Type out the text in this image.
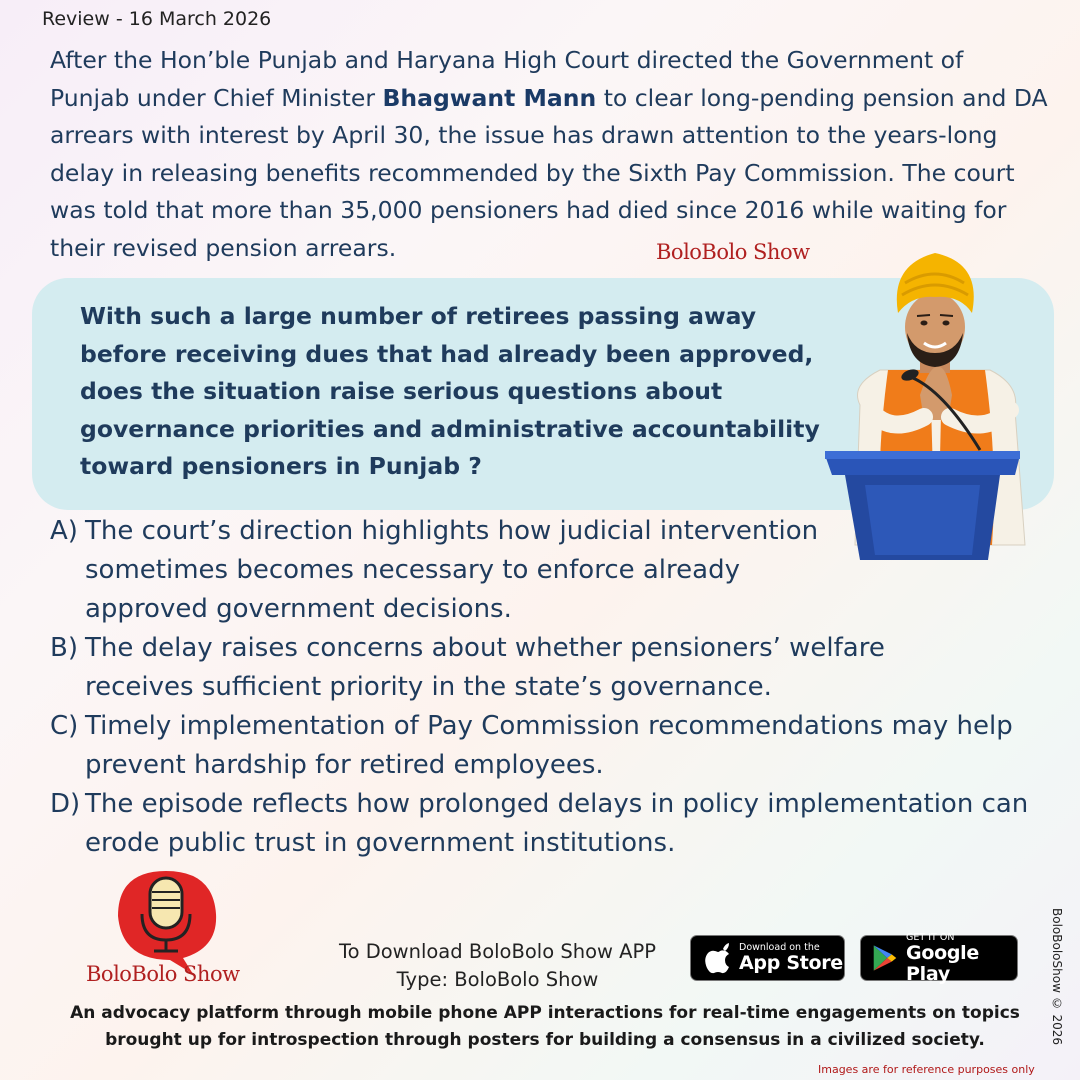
Review - 16 March 2026
After the Hon’ble Punjab and Haryana High Court directed the Government of Punjab under Chief Minister Bhagwant Mann to clear long-pending pension and DA arrears with interest by April 30, the issue has drawn attention to the years-long delay in releasing benefits recommended by the Sixth Pay Commission. The court was told that more than 35,000 pensioners had died since 2016 while waiting for their revised pension arrears.	BoloBolo Show
With such a large number of retirees passing away before receiving dues that had already been approved, does the situation raise serious questions about governance priorities and administrative accountability toward pensioners in Punjab ?
A) The court’s direction highlights how judicial intervention sometimes becomes necessary to enforce already approved government decisions.
B) The delay raises concerns about whether pensioners’ welfare receives sufficient priority in the state’s governance.
C) Timely implementation of Pay Commission recommendations may help prevent hardship for retired employees.
D) The episode reflects how prolonged delays in policy implementation can erode public trust in government institutions.
BoloBolo Show
To Download BoloBolo Show APP
Type: BoloBolo Show
Download on the
App Store
GET IT ON
Google Play
An advocacy platform through mobile phone APP interactions for real-time engagements on topics brought up for introspection through posters for building a consensus in a civilized society.	BoloBoloShow © 2026
Images are for reference purposes only
